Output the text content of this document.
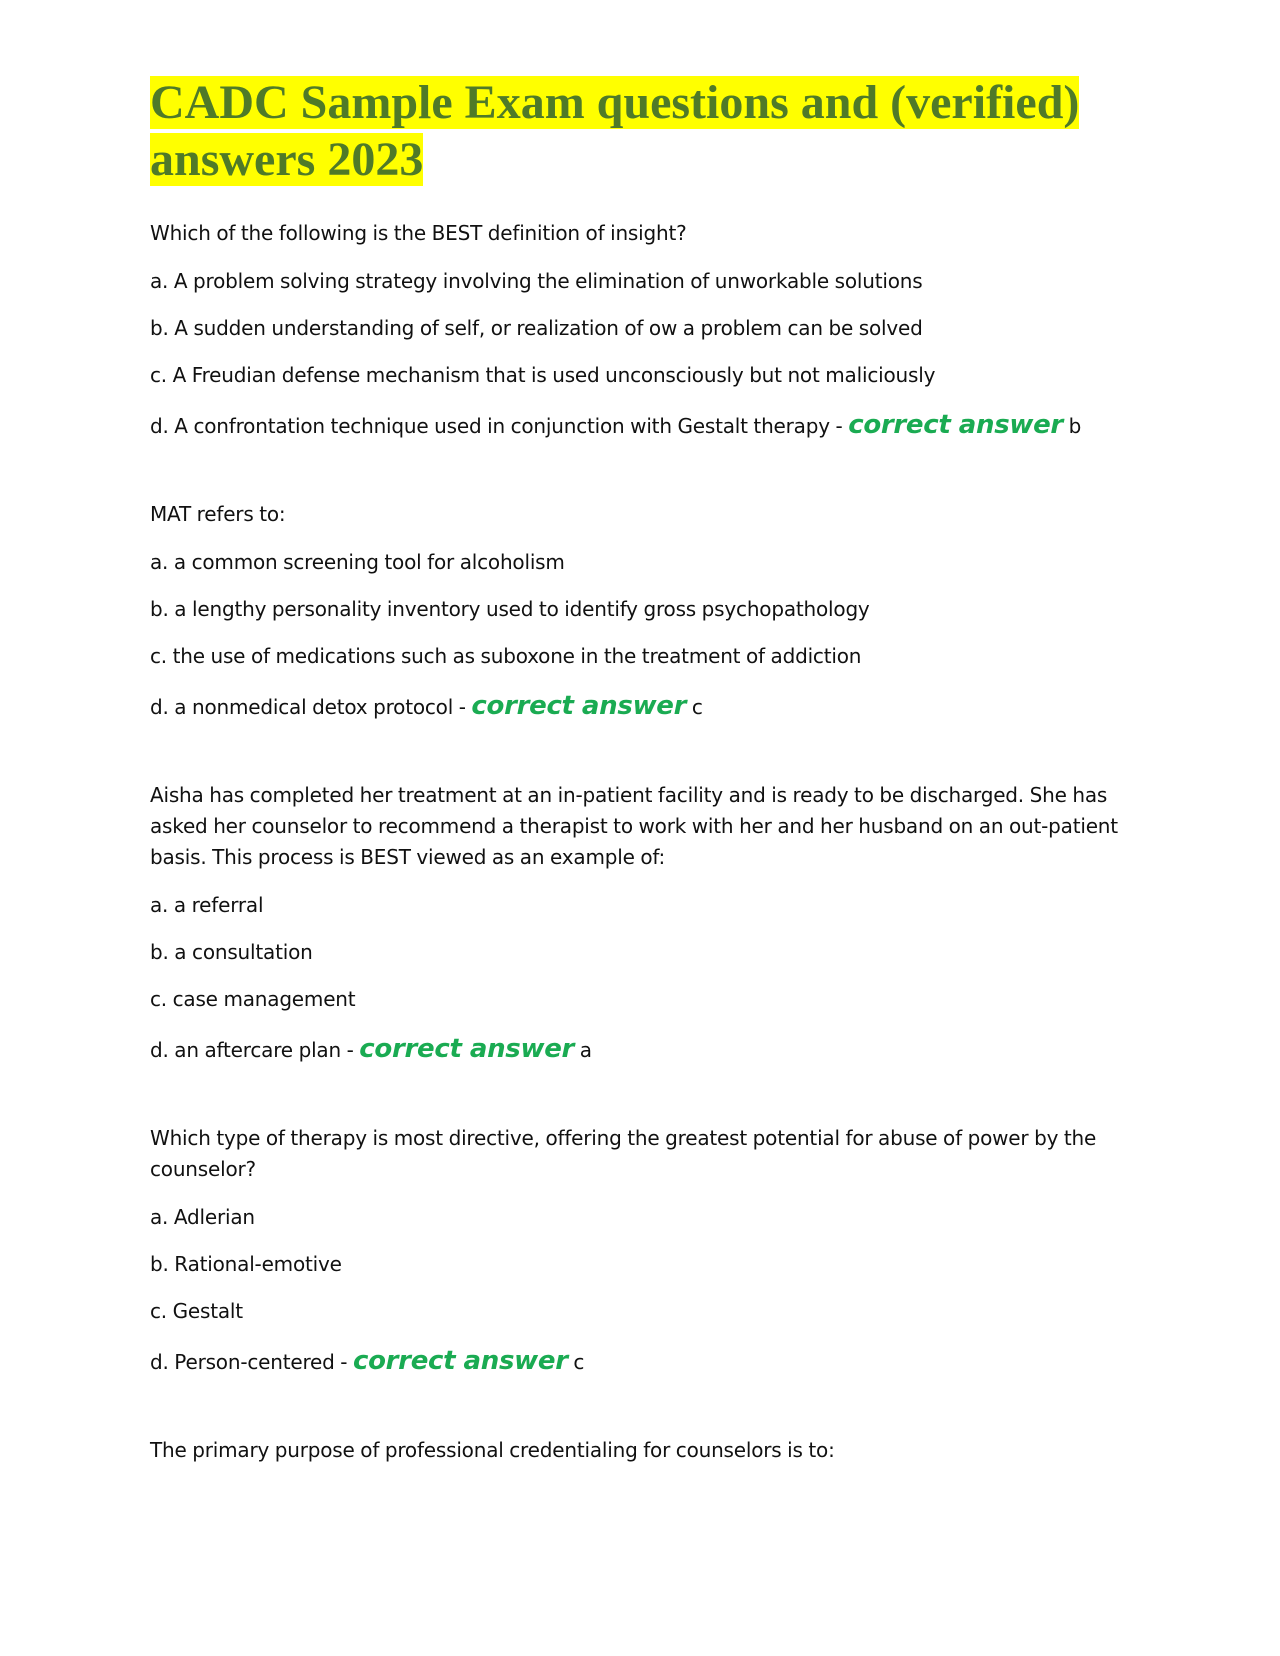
CADC Sample Exam questions and (verified) answers 2023

Which of the following is the BEST definition of insight?

a. A problem solving strategy involving the elimination of unworkable solutions

b. A sudden understanding of self, or realization of ow a problem can be solved

c. A Freudian defense mechanism that is used unconsciously but not maliciously

d. A confrontation technique used in conjunction with Gestalt therapy - correct answer b

MAT refers to:

a. a common screening tool for alcoholism

b. a lengthy personality inventory used to identify gross psychopathology

c. the use of medications such as suboxone in the treatment of addiction

d. a nonmedical detox protocol - correct answer c

Aisha has completed her treatment at an in-patient facility and is ready to be discharged. She has asked her counselor to recommend a therapist to work with her and her husband on an out-patient basis. This process is BEST viewed as an example of:

a. a referral

b. a consultation

c. case management

d. an aftercare plan - correct answer a

Which type of therapy is most directive, offering the greatest potential for abuse of power by the counselor?

a. Adlerian

b. Rational-emotive

c. Gestalt

d. Person-centered - correct answer c

The primary purpose of professional credentialing for counselors is to:
